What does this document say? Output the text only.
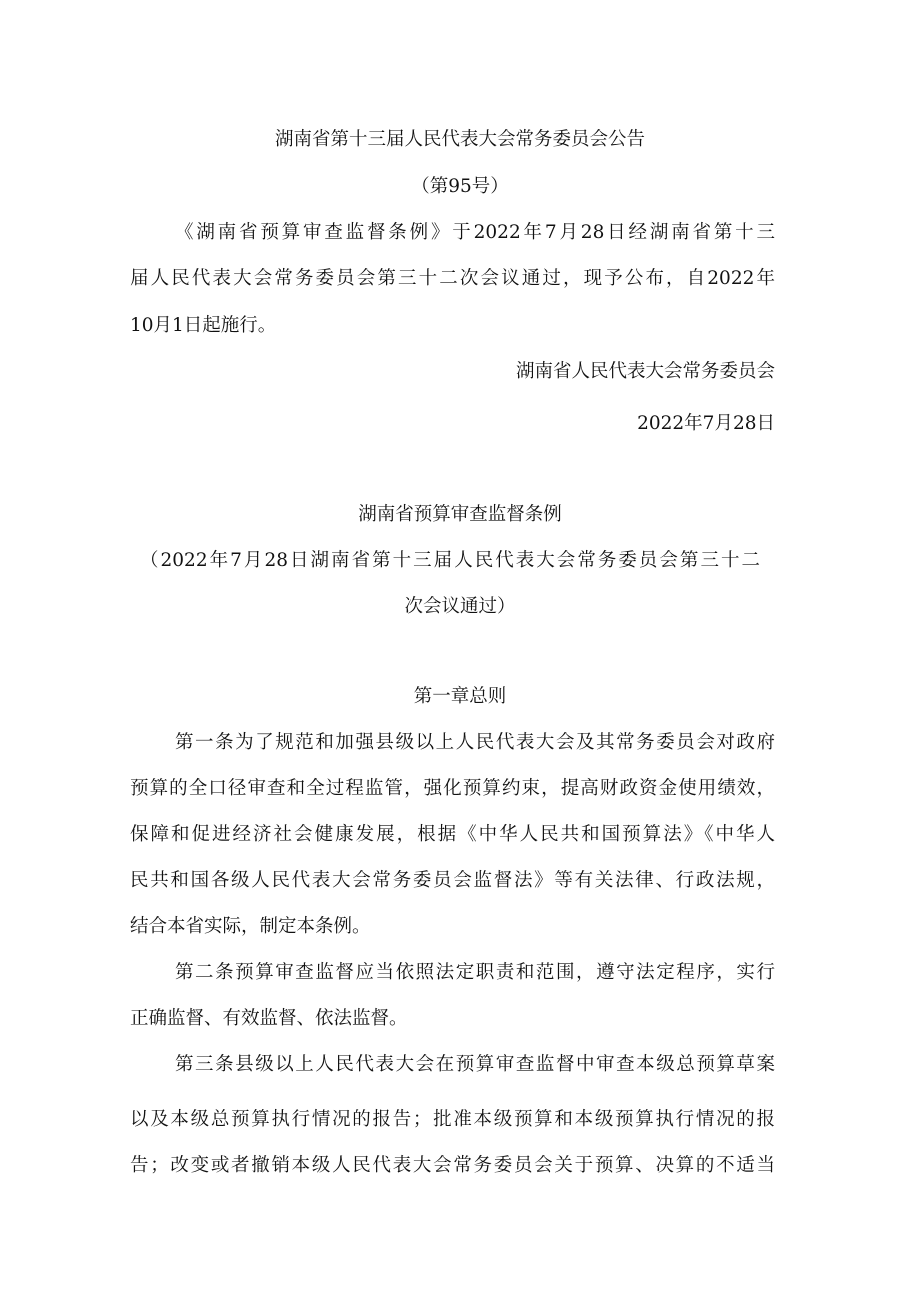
湖南省第十三届人民代表大会常务委员会公告
（第95号）
《湖南省预算审查监督条例》于2022年7月28日经湖南省第十三
届人民代表大会常务委员会第三十二次会议通过，现予公布，自2022年
10月1日起施行。
湖南省人民代表大会常务委员会
2022年7月28日
湖南省预算审查监督条例
（2022年7月28日湖南省第十三届人民代表大会常务委员会第三十二
次会议通过）
第一章总则
第一条为了规范和加强县级以上人民代表大会及其常务委员会对政府
预算的全口径审查和全过程监管，强化预算约束，提高财政资金使用绩效，
保障和促进经济社会健康发展，根据《中华人民共和国预算法》《中华人
民共和国各级人民代表大会常务委员会监督法》等有关法律、行政法规，
结合本省实际，制定本条例。
第二条预算审查监督应当依照法定职责和范围，遵守法定程序，实行
正确监督、有效监督、依法监督。
第三条县级以上人民代表大会在预算审查监督中审查本级总预算草案
以及本级总预算执行情况的报告；批准本级预算和本级预算执行情况的报
告；改变或者撤销本级人民代表大会常务委员会关于预算、决算的不适当
